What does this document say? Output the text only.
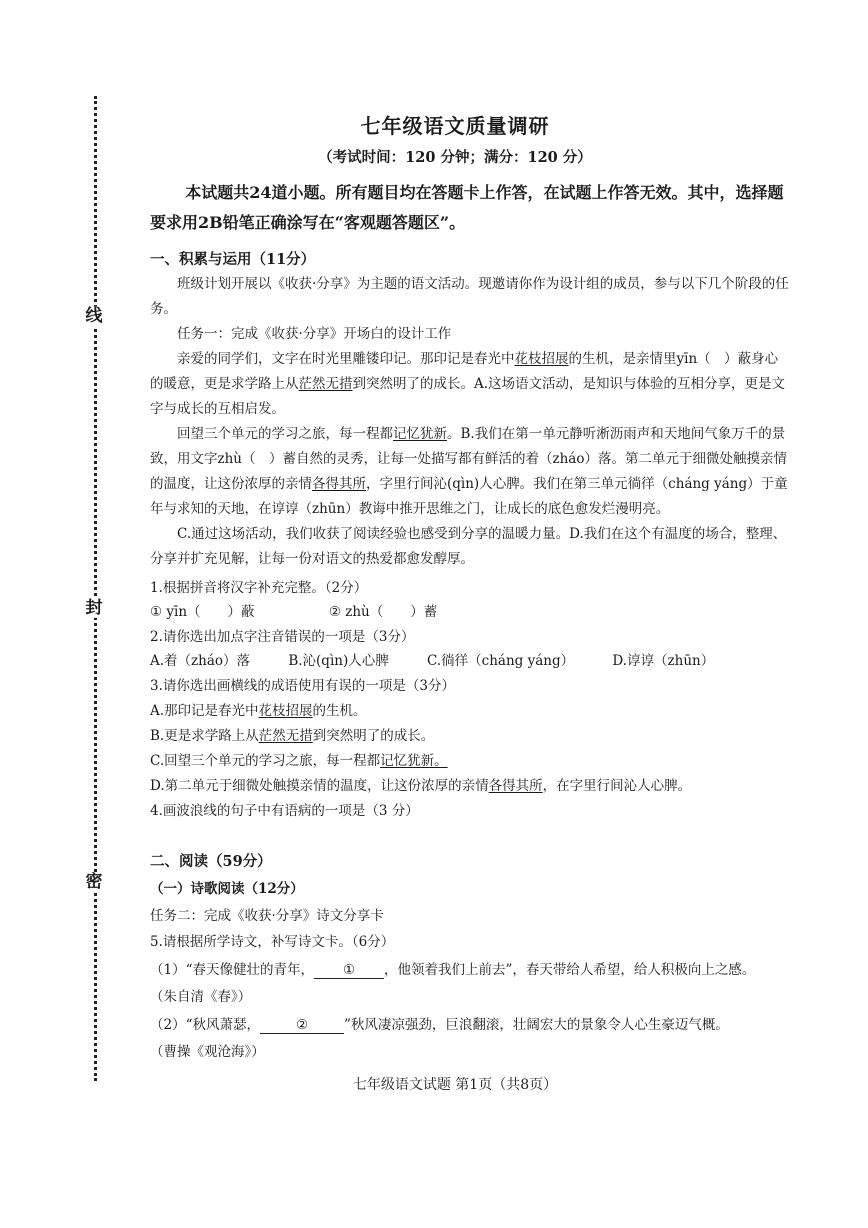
线
封
密
七年级语文质量调研
（考试时间：120 分钟；满分：120 分）
本试题共24道小题。所有题目均在答题卡上作答，在试题上作答无效。其中，选择题要求用2B铅笔正确涂写在“客观题答题区”。
一、积累与运用（11分）
班级计划开展以《收获·分享》为主题的语文活动。现邀请你作为设计组的成员，参与以下几个阶段的任务。
任务一：完成《收获·分享》开场白的设计工作
亲爱的同学们，文字在时光里雕镂印记。那印记是春光中花枝招展的生机，是亲情里yīn（　）蔽身心的暖意，更是求学路上从茫然无措到突然明了的成长。A.这场语文活动，是知识与体验的互相分享，更是文字与成长的互相启发。
回望三个单元的学习之旅，每一程都记忆犹新。B.我们在第一单元静听淅沥雨声和天地间气象万千的景致，用文字zhù（　）蓄自然的灵秀，让每一处描写都有鲜活的着（zháo）落。第二单元于细微处触摸亲情的温度，让这份浓厚的亲情各得其所，字里行间沁(qìn)人心脾。我们在第三单元徜徉（cháng yáng）于童年与求知的天地，在谆谆（zhūn）教诲中推开思维之门，让成长的底色愈发烂漫明亮。
C.通过这场活动，我们收获了阅读经验也感受到分享的温暖力量。D.我们在这个有温度的场合，整理、分享并扩充见解，让每一份对语文的热爱都愈发醇厚。
1.根据拼音将汉字补充完整。（2分）
① yīn（　　）蔽	② zhù（　　）蓄
2.请你选出加点字注音错误的一项是（3分）
A.着（zháo）落	B.沁(qìn)人心脾	C.徜徉（cháng yáng）	D.谆谆（zhūn）
3.请你选出画横线的成语使用有误的一项是（3分）
A.那印记是春光中花枝招展的生机。
B.更是求学路上从茫然无措到突然明了的成长。
C.回望三个单元的学习之旅，每一程都记忆犹新。
D.第二单元于细微处触摸亲情的温度，让这份浓厚的亲情各得其所，在字里行间沁人心脾。
4.画波浪线的句子中有语病的一项是（3 分）
二、阅读（59分）
（一）诗歌阅读（12分）
任务二：完成《收获·分享》诗文分享卡
5.请根据所学诗文，补写诗文卡。（6分）
（1）“春天像健壮的青年， ① ，他领着我们上前去”，春天带给人希望，给人积极向上之感。
（朱自清《春》）
（2）“秋风萧瑟，	②	”秋风凄凉强劲，巨浪翻滚，壮阔宏大的景象令人心生豪迈气概。
（曹操《观沧海》）
七年级语文试题 第1页（共8页）
